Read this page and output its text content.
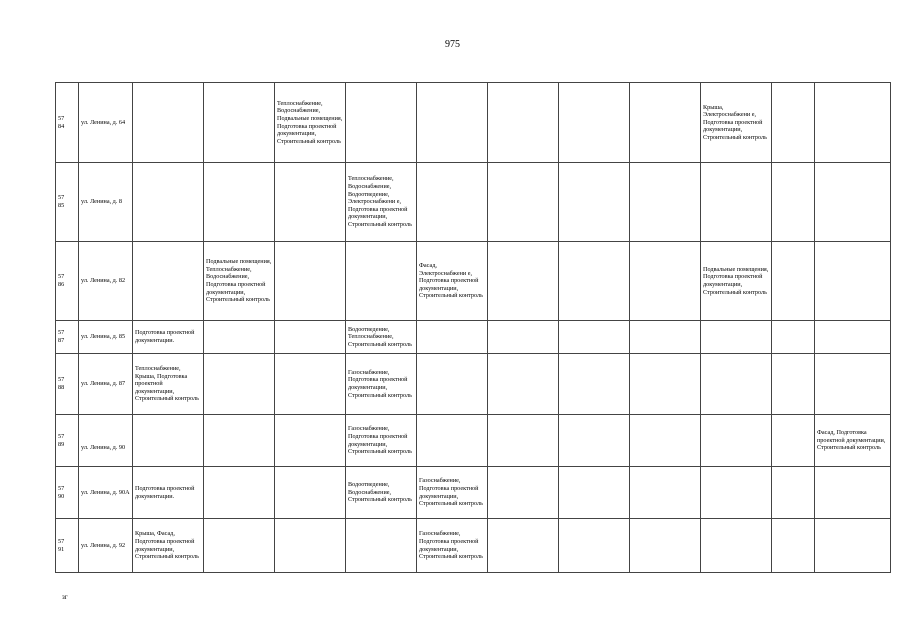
975
57
84	ул. Ленина, д. 64			Теплоснабжение, Водоснабжение, Подвальные помещения, Подготовка проектной документации, Строительный контроль						Крыша, Электроснабжени е, Подготовка проектной документации, Строительный контроль		
57
85	ул. Ленина, д. 8				Теплоснабжение, Водоснабжение, Водоотведение, Электроснабжени е, Подготовка проектной документации, Строительный контроль							
57
86	ул. Ленина, д. 82		Подвальные помещения, Теплоснабжение, Водоснабжение, Подготовка проектной документации, Строительный контроль			Фасад, Электроснабжени е, Подготовка проектной документации, Строительный контроль				Подвальные помещения, Подготовка проектной документации, Строительный контроль		
57
87	ул. Ленина, д. 85	Подготовка проектной документации.			Водоотведение, Теплоснабжение, Строительный контроль							
57
88	ул. Ленина, д. 87	Теплоснабжение, Крыша, Подготовка проектной документации, Строительный контроль			Газоснабжение, Подготовка проектной документации, Строительный контроль							
57
89	ул. Ленина, д. 90				Газоснабжение, Подготовка проектной документации, Строительный контроль							Фасад, Подготовка проектной документации, Строительный контроль
57
90	ул. Ленина, д. 90А	Подготовка проектной документации.			Водоотведение, Водоснабжение, Строительный контроль	Газоснабжение, Подготовка проектной документации, Строительный контроль						
57
91	ул. Ленина, д. 92	Крыша, Фасад, Подготовка проектной документации, Строительный контроль				Газоснабжение, Подготовка проектной документации, Строительный контроль						
зг
